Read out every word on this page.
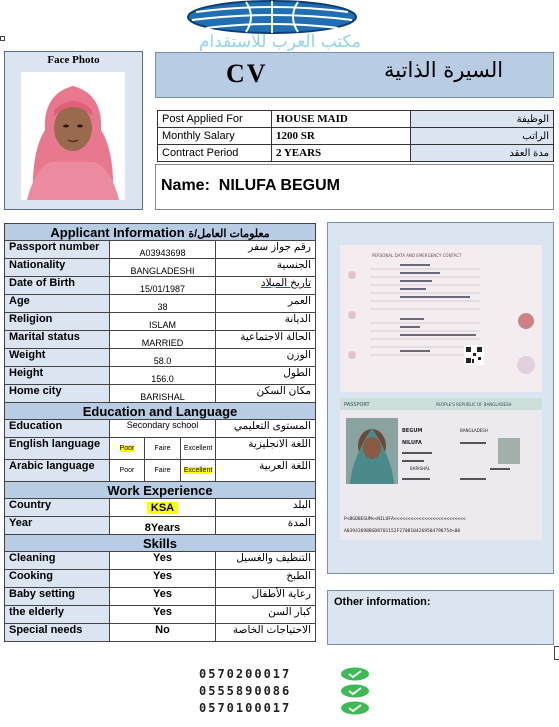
مكتب العرب للاستقدام
Face Photo	CV	السيرة الذاتية
Post Applied For	HOUSE MAID	الوظيفة
Monthly Salary	1200 SR	الراتب
Contract Period	2 YEARS	مدة العقد
Name: NILUFA BEGUM
Applicant Information معلومات العامل/ة		
Passport number	A03943698	رقم جواز سفر
Nationality	BANGLADESHI	الجنسية
Date of Birth	15/01/1987	تاريخ الميلاد
Age	38	العمر
Religion	ISLAM	الديانة
Marital status	MARRIED	الحالة الاجتماعية
Weight	58.0	الوزن
Height	156.0	الطول
Home city	BARISHAL	مكان السكن
Education and Language		
Education	Secondary school	المستوى التعليمي
English language	Poor Faire Excellent	اللغة الانجليزية
Arabic language	Poor Faire Excellent	اللغة العربية
Work Experience		
Country	KSA	البلد
Year	8Years	المدة
Skills		
Cleaning	Yes	التنظيف والغسيل
Cooking	Yes	الطبخ
Baby setting	Yes	رعاية الأطفال
the elderly	Yes	كبار السن
Special needs	No	الاحتياجات الخاصة
PERSONAL DATA AND EMERGENCY CONTACT
PASSPORT	PEOPLE'S REPUBLIC OF BANGLADESH
BEGUM
NILUFA
BANGLADESH
BARISHAL
P<BGDBEGUM<<NILUFA<<<<<<<<<<<<<<<<<<<<<<<<<<
A03943698BGD8701152F2708104269504798754<00
Other information:
0570200017
0555890086
0570100017
